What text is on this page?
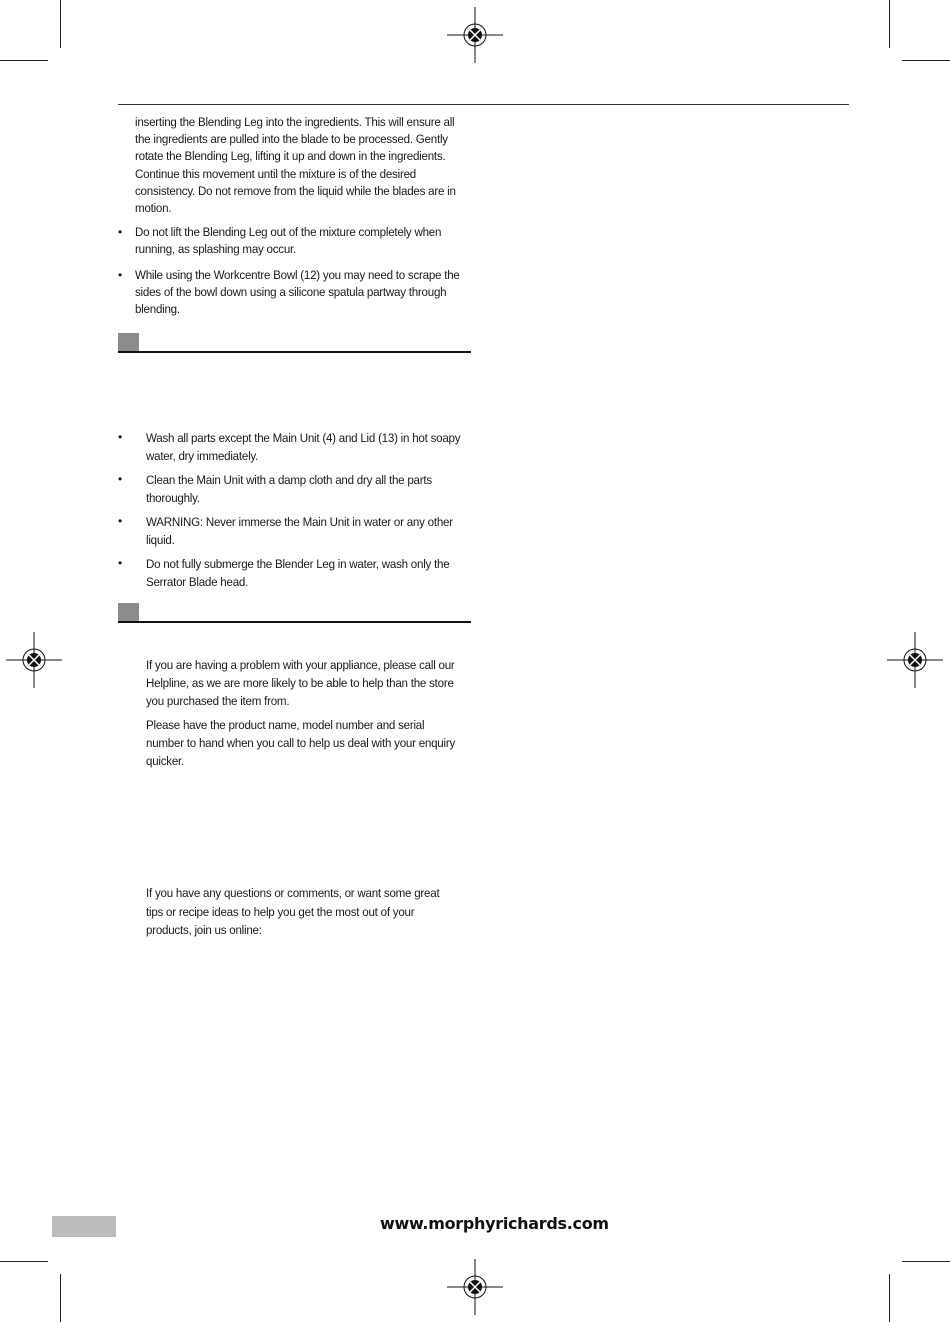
inserting the Blending Leg into the ingredients. This will ensure all

the ingredients are pulled into the blade to be processed. Gently

rotate the Blending Leg, lifting it up and down in the ingredients.

Continue this movement until the mixture is of the desired

consistency. Do not remove from the liquid while the blades are in

motion.

• Do not lift the Blending Leg out of the mixture completely when

running, as splashing may occur.

• While using the Workcentre Bowl (12) you may need to scrape the

sides of the bowl down using a silicone spatula partway through

blending.

• Wash all parts except the Main Unit (4) and Lid (13) in hot soapy

water, dry immediately.

• Clean the Main Unit with a damp cloth and dry all the parts

thoroughly.

• WARNING: Never immerse the Main Unit in water or any other

liquid.

• Do not fully submerge the Blender Leg in water, wash only the

Serrator Blade head.

If you are having a problem with your appliance, please call our

Helpline, as we are more likely to be able to help than the store

you purchased the item from.

Please have the product name, model number and serial

number to hand when you call to help us deal with your enquiry

quicker.

If you have any questions or comments, or want some great

tips or recipe ideas to help you get the most out of your

products, join us online:

www.morphyrichards.com
